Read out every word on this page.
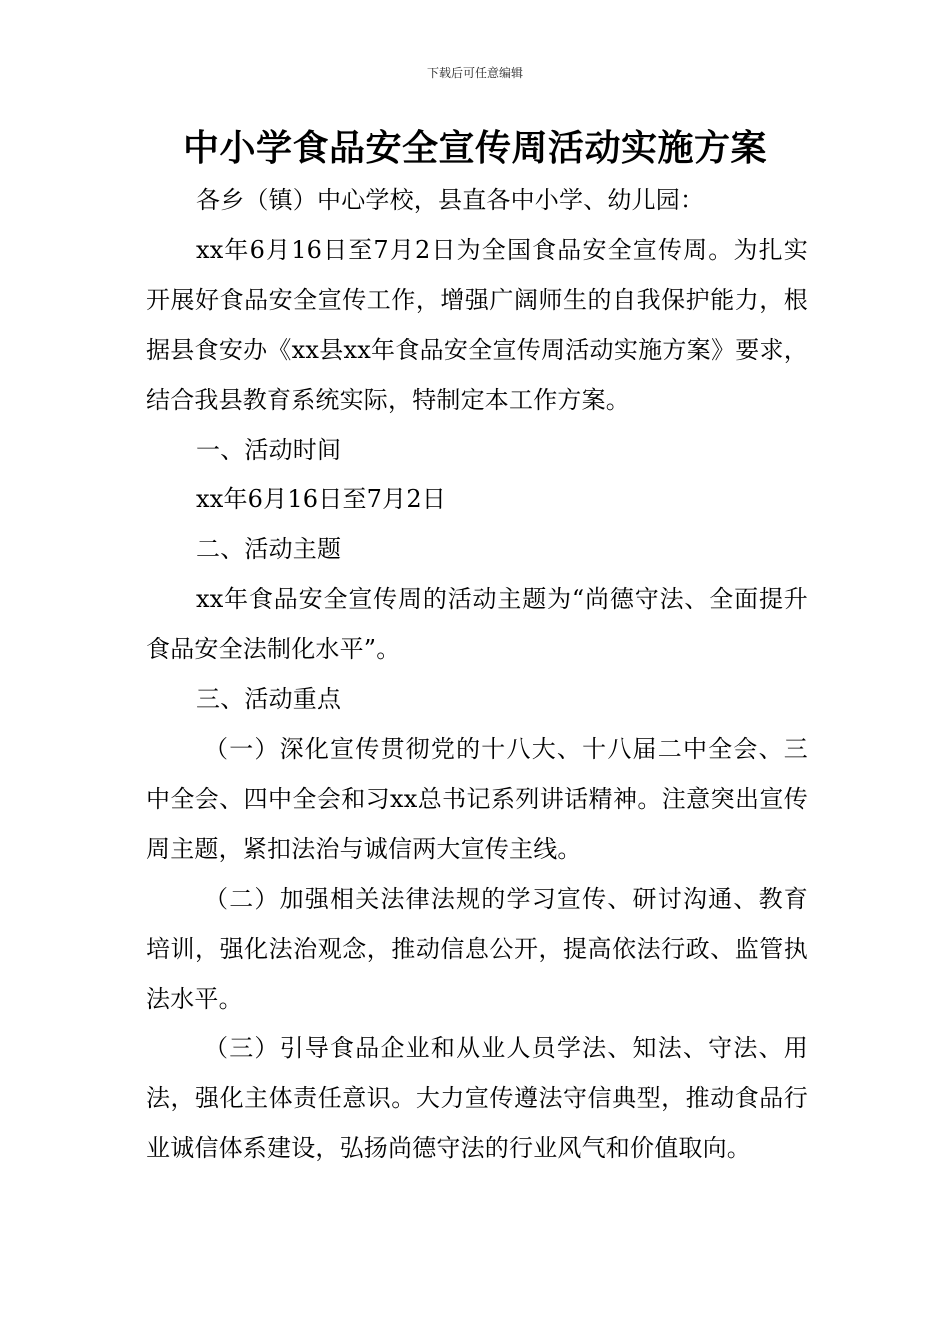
下载后可任意编辑
中小学食品安全宣传周活动实施方案

各乡（镇）中心学校，县直各中小学、幼儿园：

xx年6月16日至7月2日为全国食品安全宣传周。为扎实开展好食品安全宣传工作，增强广阔师生的自我保护能力，根据县食安办《xx县xx年食品安全宣传周活动实施方案》要求，结合我县教育系统实际，特制定本工作方案。

一、活动时间

xx年6月16日至7月2日

二、活动主题

xx年食品安全宣传周的活动主题为“尚德守法、全面提升食品安全法制化水平”。

三、活动重点

（一）深化宣传贯彻党的十八大、十八届二中全会、三中全会、四中全会和习xx总书记系列讲话精神。注意突出宣传周主题，紧扣法治与诚信两大宣传主线。

（二）加强相关法律法规的学习宣传、研讨沟通、教育培训，强化法治观念，推动信息公开，提高依法行政、监管执法水平。

（三）引导食品企业和从业人员学法、知法、守法、用法，强化主体责任意识。大力宣传遵法守信典型，推动食品行业诚信体系建设，弘扬尚德守法的行业风气和价值取向。
